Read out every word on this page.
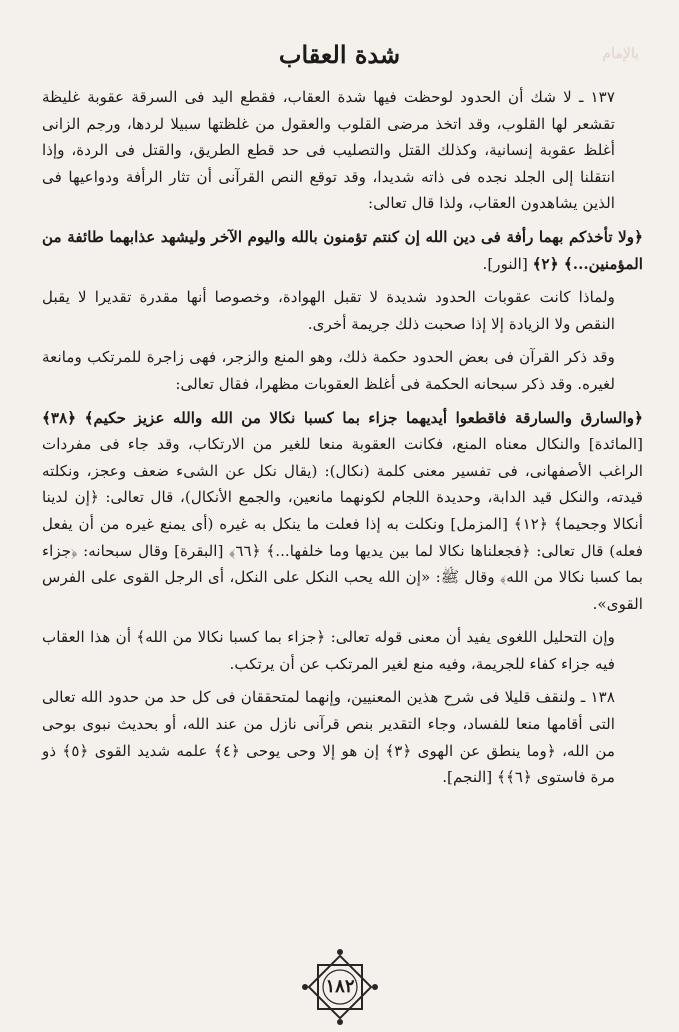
بالإمام
شدة العقاب

١٣٧ ـ لا شك أن الحدود لوحظت فيها شدة العقاب، فقطع اليد فى السرقة عقوبة غليظة تقشعر لها القلوب، وقد اتخذ مرضى القلوب والعقول من غلظتها سبيلا لردها، ورجم الزانى أغلظ عقوبة إنسانية، وكذلك القتل والتصليب فى حد قطع الطريق، والقتل فى الردة، وإذا انتقلنا إلى الجلد نجده فى ذاته شديدا، وقد توقع النص القرآنى أن تثار الرأفة ودواعيها فى الذين يشاهدون العقاب، ولذا قال تعالى:

﴿ولا تأخذكم بهما رأفة فى دين الله إن كنتم تؤمنون بالله واليوم الآخر وليشهد عذابهما طائفة من المؤمنين...﴾ ﴿٢﴾ [النور].

ولماذا كانت عقوبات الحدود شديدة لا تقبل الهوادة، وخصوصا أنها مقدرة تقديرا لا يقبل النقص ولا الزيادة إلا إذا صحبت ذلك جريمة أخرى.

وقد ذكر القرآن فى بعض الحدود حكمة ذلك، وهو المنع والزجر، فهى زاجرة للمرتكب ومانعة لغيره. وقد ذكر سبحانه الحكمة فى أغلظ العقوبات مظهرا، فقال تعالى:

﴿والسارق والسارقة فاقطعوا أيديهما جزاء بما كسبا نكالا من الله والله عزيز حكيم﴾ ﴿٣٨﴾ [المائدة] والنكال معناه المنع، فكانت العقوبة منعا للغير من الارتكاب، وقد جاء فى مفردات الراغب الأصفهانى، فى تفسير معنى كلمة (نكال): (يقال نكل عن الشىء ضعف وعجز، ونكلته قيدته، والنكل قيد الدابة، وحديدة اللجام لكونهما مانعين، والجمع الأنكال)، قال تعالى: ﴿إن لدينا أنكالا وجحيما﴾ ﴿١٢﴾ [المزمل] ونكلت به إذا فعلت ما ينكل به غيره (أى يمنع غيره من أن يفعل فعله) قال تعالى: ﴿فجعلناها نكالا لما بين يديها وما خلفها...﴾ ﴿٦٦﴾ [البقرة] وقال سبحانه: ﴿جزاء بما كسبا نكالا من الله﴾ وقال ﷺ: «إن الله يحب النكل على النكل، أى الرجل القوى على الفرس القوى».

وإن التحليل اللغوى يفيد أن معنى قوله تعالى: ﴿جزاء بما كسبا نكالا من الله﴾ أن هذا العقاب فيه جزاء كفاء للجريمة، وفيه منع لغير المرتكب عن أن يرتكب.

١٣٨ ـ ولنقف قليلا فى شرح هذين المعنيين، وإنهما لمتحققان فى كل حد من حدود الله تعالى التى أقامها منعا للفساد، وجاء التقدير بنص قرآنى نازل من عند الله، أو بحديث نبوى بوحى من الله، ﴿وما ينطق عن الهوى ﴿٣﴾ إن هو إلا وحى يوحى ﴿٤﴾ علمه شديد القوى ﴿٥﴾ ذو مرة فاستوى ﴿٦﴾﴾ [النجم].

١٨٢
